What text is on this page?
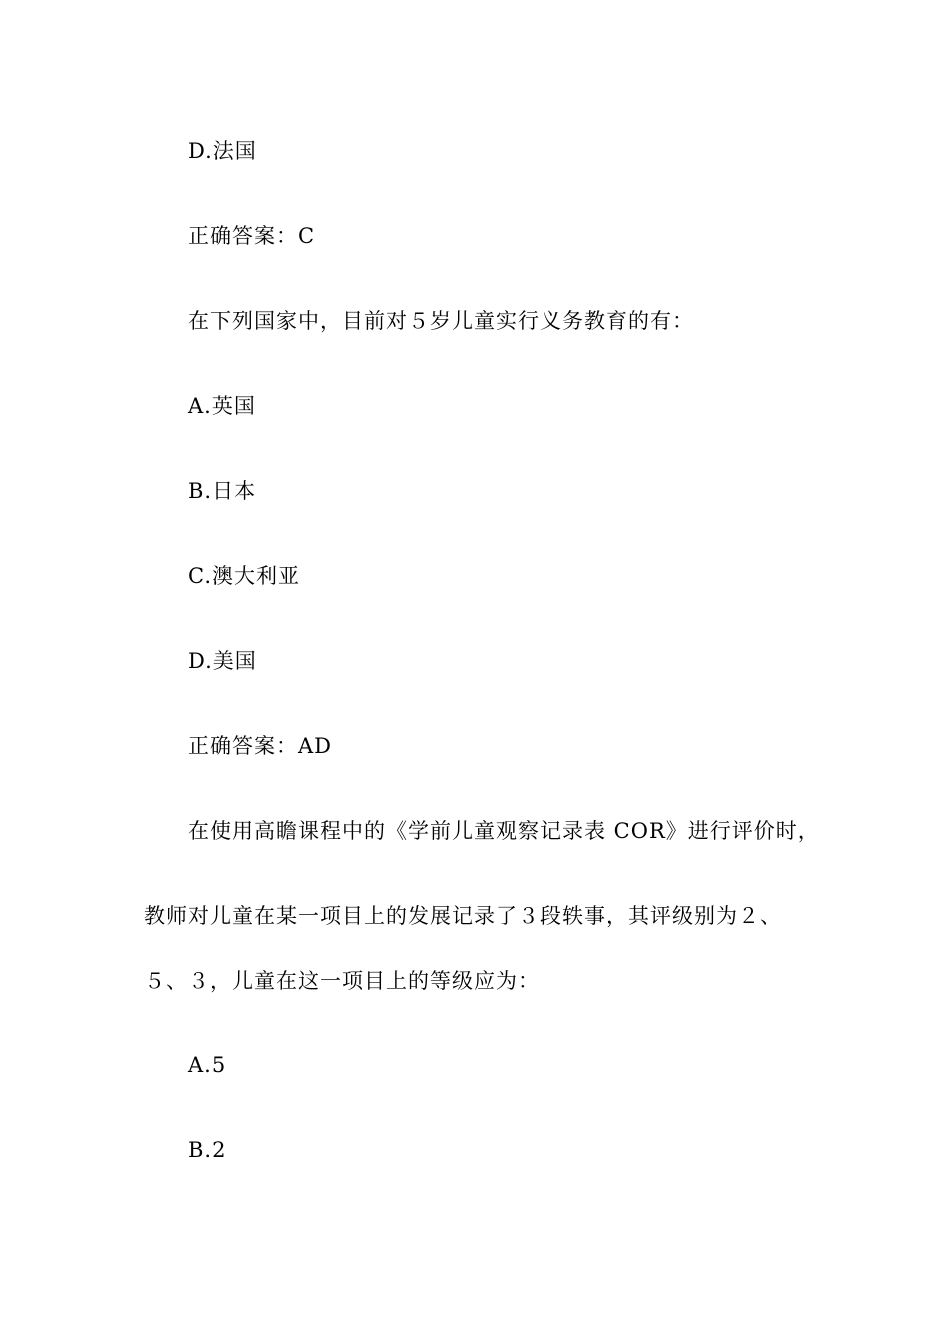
D.法国
正确答案：C
在下列国家中，目前对５岁儿童实行义务教育的有：
A.英国
B.日本
C.澳大利亚
D.美国
正确答案：AD
在使用高瞻课程中的《学前儿童观察记录表 COR》进行评价时，
教师对儿童在某一项目上的发展记录了３段轶事，其评级别为２、
５、３，儿童在这一项目上的等级应为：
A.5
B.2
